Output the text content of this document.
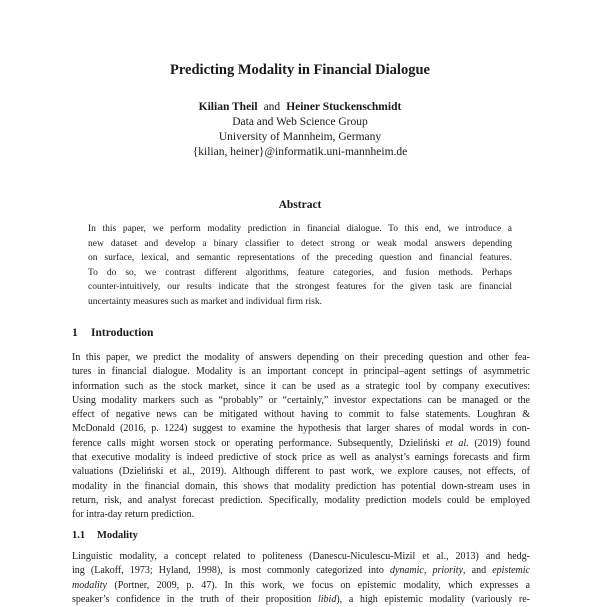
Predicting Modality in Financial Dialogue
Kilian Theil and Heiner Stuckenschmidt
Data and Web Science Group
University of Mannheim, Germany
{kilian, heiner}@informatik.uni-mannheim.de
Abstract
In this paper, we perform modality prediction in financial dialogue. To this end, we introduce a
new dataset and develop a binary classifier to detect strong or weak modal answers depending
on surface, lexical, and semantic representations of the preceding question and financial features.
To do so, we contrast different algorithms, feature categories, and fusion methods. Perhaps
counter-intuitively, our results indicate that the strongest features for the given task are financial
uncertainty measures such as market and individual firm risk.
1 Introduction
In this paper, we predict the modality of answers depending on their preceding question and other fea-
tures in financial dialogue. Modality is an important concept in principal–agent settings of asymmetric
information such as the stock market, since it can be used as a strategic tool by company executives:
Using modality markers such as “probably” or “certainly,” investor expectations can be managed or the
effect of negative news can be mitigated without having to commit to false statements. Loughran &
McDonald (2016, p. 1224) suggest to examine the hypothesis that larger shares of modal words in con-
ference calls might worsen stock or operating performance. Subsequently, Dzieliński et al. (2019) found
that executive modality is indeed predictive of stock price as well as analyst’s earnings forecasts and firm
valuations (Dzieliński et al., 2019). Although different to past work, we explore causes, not effects, of
modality in the financial domain, this shows that modality prediction has potential down-stream uses in
return, risk, and analyst forecast prediction. Specifically, modality prediction models could be employed
for intra-day return prediction.
1.1 Modality
Linguistic modality, a concept related to politeness (Danescu-Niculescu-Mizil et al., 2013) and hedg-
ing (Lakoff, 1973; Hyland, 1998), is most commonly categorized into dynamic, priority, and epistemic
modality (Portner, 2009, p. 47). In this work, we focus on epistemic modality, which expresses a
speaker’s confidence in the truth of their proposition libid), a high epistemic modality (variously re-
